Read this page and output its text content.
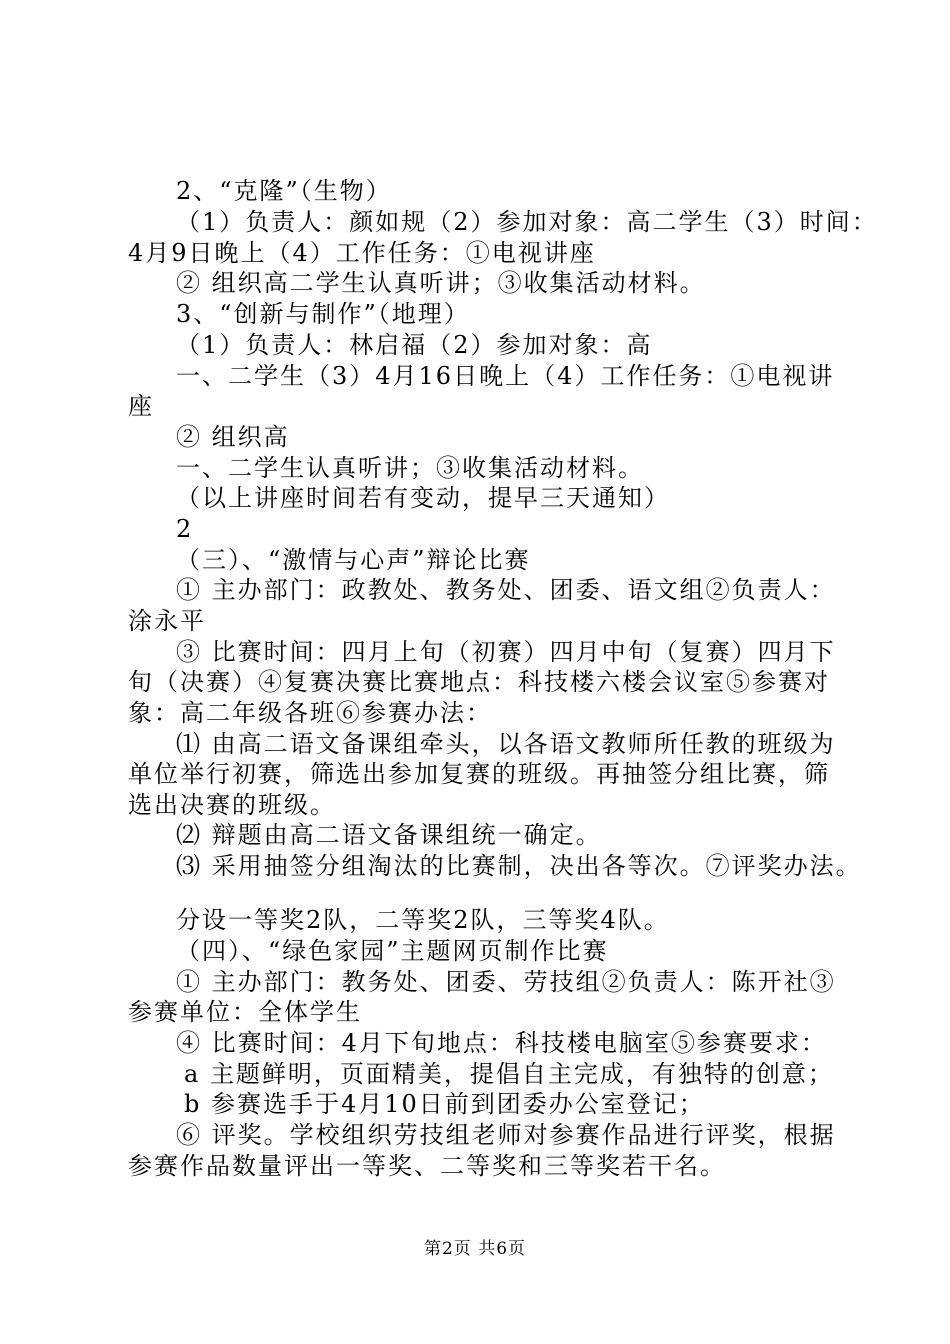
2、“克隆”（生物）
（1）负责人：颜如规（2）参加对象：高二学生（3）时间：
4月9日晚上（4）工作任务：①电视讲座
② 组织高二学生认真听讲；③收集活动材料。
3、“创新与制作”（地理）
（1）负责人：林启福（2）参加对象：高
一、二学生（3）4月16日晚上（4）工作任务：①电视讲
座
② 组织高
一、二学生认真听讲；③收集活动材料。
（以上讲座时间若有变动，提早三天通知）
2
（三）、“激情与心声”辩论比赛
① 主办部门：政教处、教务处、团委、语文组②负责人：
涂永平
③ 比赛时间：四月上旬（初赛）四月中旬（复赛）四月下
旬（决赛）④复赛决赛比赛地点：科技楼六楼会议室⑤参赛对
象：高二年级各班⑥参赛办法：
⑴ 由高二语文备课组牵头，以各语文教师所任教的班级为
单位举行初赛，筛选出参加复赛的班级。再抽签分组比赛，筛
选出决赛的班级。
⑵ 辩题由高二语文备课组统一确定。
⑶ 采用抽签分组淘汰的比赛制，决出各等次。⑦评奖办法。
分设一等奖2队，二等奖2队，三等奖4队。
（四）、“绿色家园”主题网页制作比赛
① 主办部门：教务处、团委、劳技组②负责人：陈开社③
参赛单位：全体学生
④ 比赛时间：4月下旬地点：科技楼电脑室⑤参赛要求：
a 主题鲜明，页面精美，提倡自主完成，有独特的创意；
b 参赛选手于4月10日前到团委办公室登记；
⑥ 评奖。学校组织劳技组老师对参赛作品进行评奖，根据
参赛作品数量评出一等奖、二等奖和三等奖若干名。
第2页 共6页
